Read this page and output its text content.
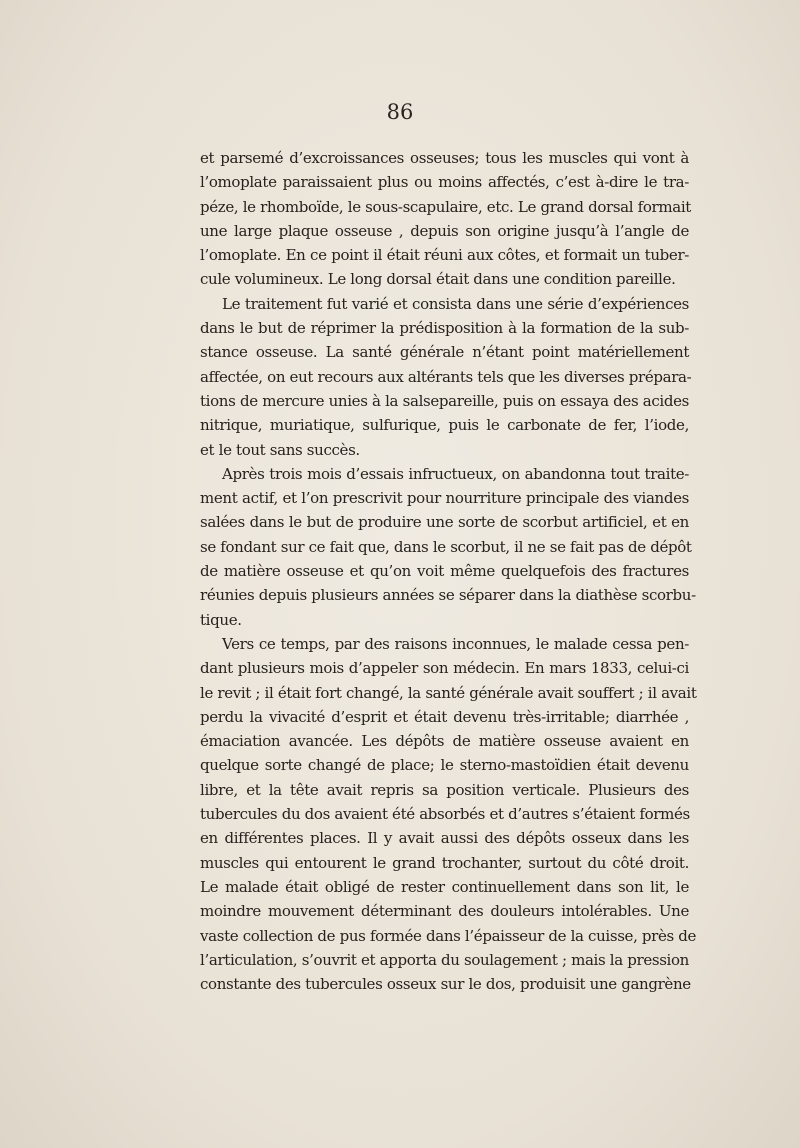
86
et parsemé d’excroissances osseuses; tous les muscles qui vont à
l’omoplate paraissaient plus ou moins affectés, c’est à-dire le tra-
péze, le rhomboïde, le sous-scapulaire, etc. Le grand dorsal formait
une large plaque osseuse , depuis son origine jusqu’à l’angle de
l’omoplate. En ce point il était réuni aux côtes, et formait un tuber-
cule volumineux. Le long dorsal était dans une condition pareille.
Le traitement fut varié et consista dans une série d’expériences
dans le but de réprimer la prédisposition à la formation de la sub-
stance osseuse. La santé générale n’étant point matériellement
affectée, on eut recours aux altérants tels que les diverses prépara-
tions de mercure unies à la salsepareille, puis on essaya des acides
nitrique, muriatique, sulfurique, puis le carbonate de fer, l’iode,
et le tout sans succès.
Après trois mois d’essais infructueux, on abandonna tout traite-
ment actif, et l’on prescrivit pour nourriture principale des viandes
salées dans le but de produire une sorte de scorbut artificiel, et en
se fondant sur ce fait que, dans le scorbut, il ne se fait pas de dépôt
de matière osseuse et qu’on voit même quelquefois des fractures
réunies depuis plusieurs années se séparer dans la diathèse scorbu-
tique.
Vers ce temps, par des raisons inconnues, le malade cessa pen-
dant plusieurs mois d’appeler son médecin. En mars 1833, celui-ci
le revit ; il était fort changé, la santé générale avait souffert ; il avait
perdu la vivacité d’esprit et était devenu très-irritable; diarrhée ,
émaciation avancée. Les dépôts de matière osseuse avaient en
quelque sorte changé de place; le sterno-mastoïdien était devenu
libre, et la tête avait repris sa position verticale. Plusieurs des
tubercules du dos avaient été absorbés et d’autres s’étaient formés
en différentes places. Il y avait aussi des dépôts osseux dans les
muscles qui entourent le grand trochanter, surtout du côté droit.
Le malade était obligé de rester continuellement dans son lit, le
moindre mouvement déterminant des douleurs intolérables. Une
vaste collection de pus formée dans l’épaisseur de la cuisse, près de
l’articulation, s’ouvrit et apporta du soulagement ; mais la pression
constante des tubercules osseux sur le dos, produisit une gangrène
